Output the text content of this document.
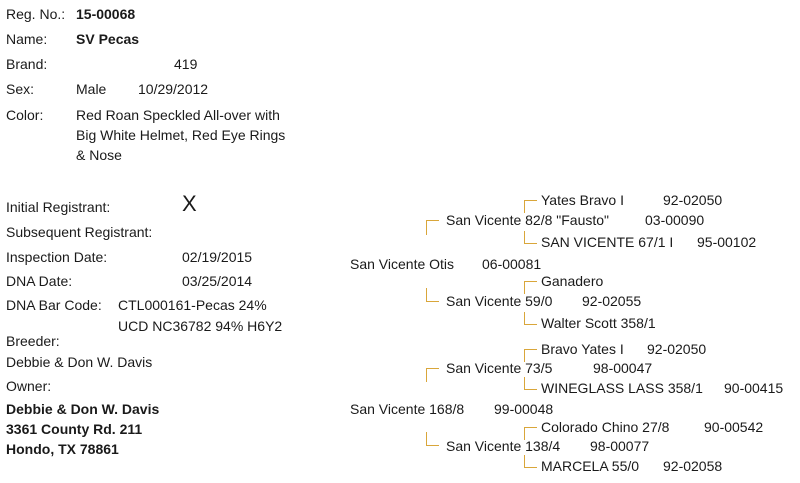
Reg. No.: 15-00068
Name: SV Pecas
Brand:	419
Sex:	Male 10/29/2012
Color: Red Roan Speckled All-over with
Big White Helmet, Red Eye Rings
& Nose
Initial Registrant:	X
Subsequent Registrant:
Inspection Date:	02/19/2015
DNA Date:	03/25/2014
DNA Bar Code: CTL000161-Pecas 24%
UCD NC36782 94% H6Y2
Breeder:
Debbie & Don W. Davis
Owner:
Debbie & Don W. Davis
3361 County Rd. 211
Hondo, TX 78861
San Vicente Otis 06-00081
San Vicente 82/8 "Fausto"	03-00090
Yates Bravo I	92-02050
SAN VICENTE 67/1 I 95-00102
San Vicente 59/0 92-02055
Ganadero
Walter Scott 358/1
San Vicente 168/8 99-00048
San Vicente 73/5	98-00047
Bravo Yates I 92-02050
WINEGLASS LASS 358/1 90-00415
San Vicente 138/4 98-00077
Colorado Chino 27/8 90-00542
MARCELA 55/0 92-02058
